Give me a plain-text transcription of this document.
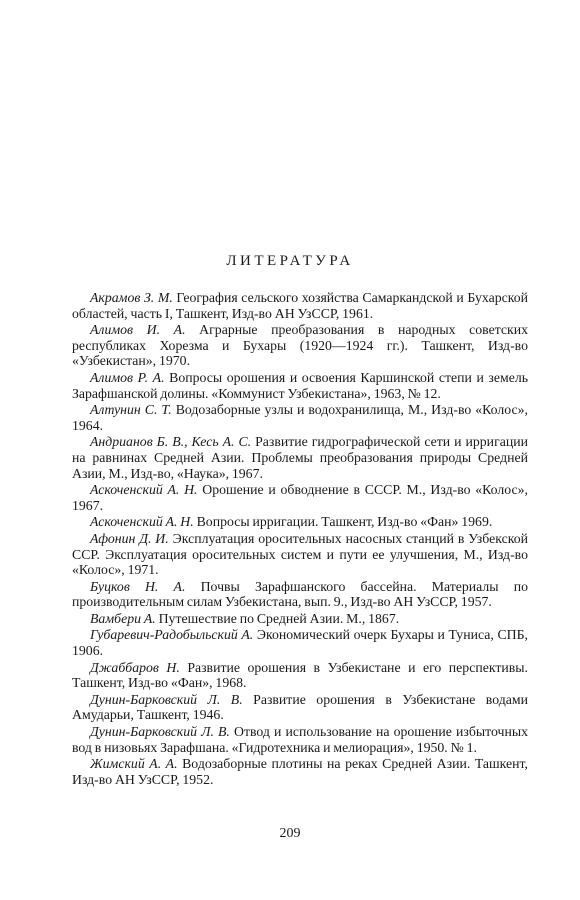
ЛИТЕРАТУРА

Акрамов З. М. География сельского хозяйства Самаркандской и Бухарской областей, часть I, Ташкент, Изд-во АН УзССР, 1961.

Алимов И. А. Аграрные преобразования в народных советских республиках Хорезма и Бухары (1920—1924 гг.). Ташкент, Изд-во «Узбекистан», 1970.

Алимов Р. А. Вопросы орошения и освоения Каршинской степи и земель Зарафшанской долины. «Коммунист Узбекистана», 1963, № 12.

Алтунин С. Т. Водозаборные узлы и водохранилища, М., Изд-во «Колос», 1964.

Андрианов Б. В., Кесь А. С. Развитие гидрографической сети и ирригации на равнинах Средней Азии. Проблемы преобразования природы Средней Азии, М., Изд-во, «Наука», 1967.

Аскоченский А. Н. Орошение и обводнение в СССР. М., Изд-во «Колос», 1967.

Аскоченский А. Н. Вопросы ирригации. Ташкент, Изд-во «Фан» 1969.

Афонин Д. И. Эксплуатация оросительных насосных станций в Узбекской ССР. Эксплуатация оросительных систем и пути ее улучшения, М., Изд-во «Колос», 1971.

Буцков Н. А. Почвы Зарафшанского бассейна. Материалы по производительным силам Узбекистана, вып. 9., Изд-во АН УзССР, 1957.

Вамбери А. Путешествие по Средней Азии. М., 1867.

Губаревич-Радобыльский А. Экономический очерк Бухары и Туниса, СПБ, 1906.

Джаббаров Н. Развитие орошения в Узбекистане и его перспективы. Ташкент, Изд-во «Фан», 1968.

Дунин-Барковский Л. В. Развитие орошения в Узбекистане водами Амударьи, Ташкент, 1946.

Дунин-Барковский Л. В. Отвод и использование на орошение избыточных вод в низовьях Зарафшана. «Гидротехника и мелиорация», 1950. № 1.

Жимский А. А. Водозаборные плотины на реках Средней Азии. Ташкент, Изд-во АН УзССР, 1952.

209
